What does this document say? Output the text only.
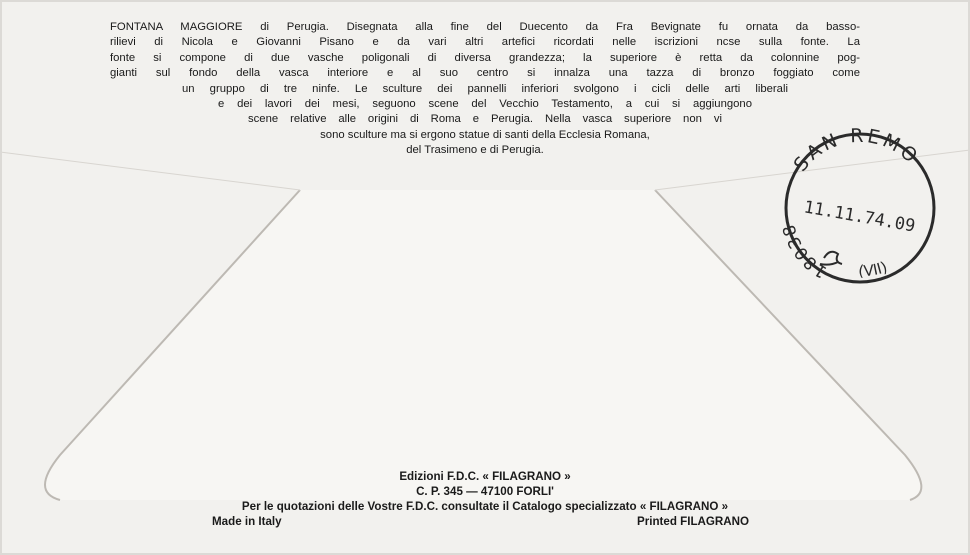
FONTANA MAGGIORE di Perugia. Disegnata alla fine del Duecento da Fra Bevignate fu ornata da basso-
rilievi di Nicola e Giovanni Pisano e da vari altri artefici ricordati nelle iscrizioni ncse sulla fonte. La
fonte si compone di due vasche poligonali di diversa grandezza; la superiore è retta da colonnine pog-
gianti sul fondo della vasca interiore e al suo centro si innalza una tazza di bronzo foggiato come
un gruppo di tre ninfe. Le sculture dei pannelli inferiori svolgono i cicli delle arti liberali
e dei lavori dei mesi, seguono scene del Vecchio Testamento, a cui si aggiungono
scene relative alle origini di Roma e Perugia. Nella vasca superiore non vi
sono sculture ma si ergono statue di santi della Ecclesia Romana,
del Trasimeno e di Perugia.	SAN REMO
18038 11.11.74.09
(VII)
Edizioni F.D.C. « FILAGRANO »
C. P. 345 — 47100 FORLI'
Per le quotazioni delle Vostre F.D.C. consultate il Catalogo specializzato « FILAGRANO »
Made in Italy	Printed FILAGRANO
